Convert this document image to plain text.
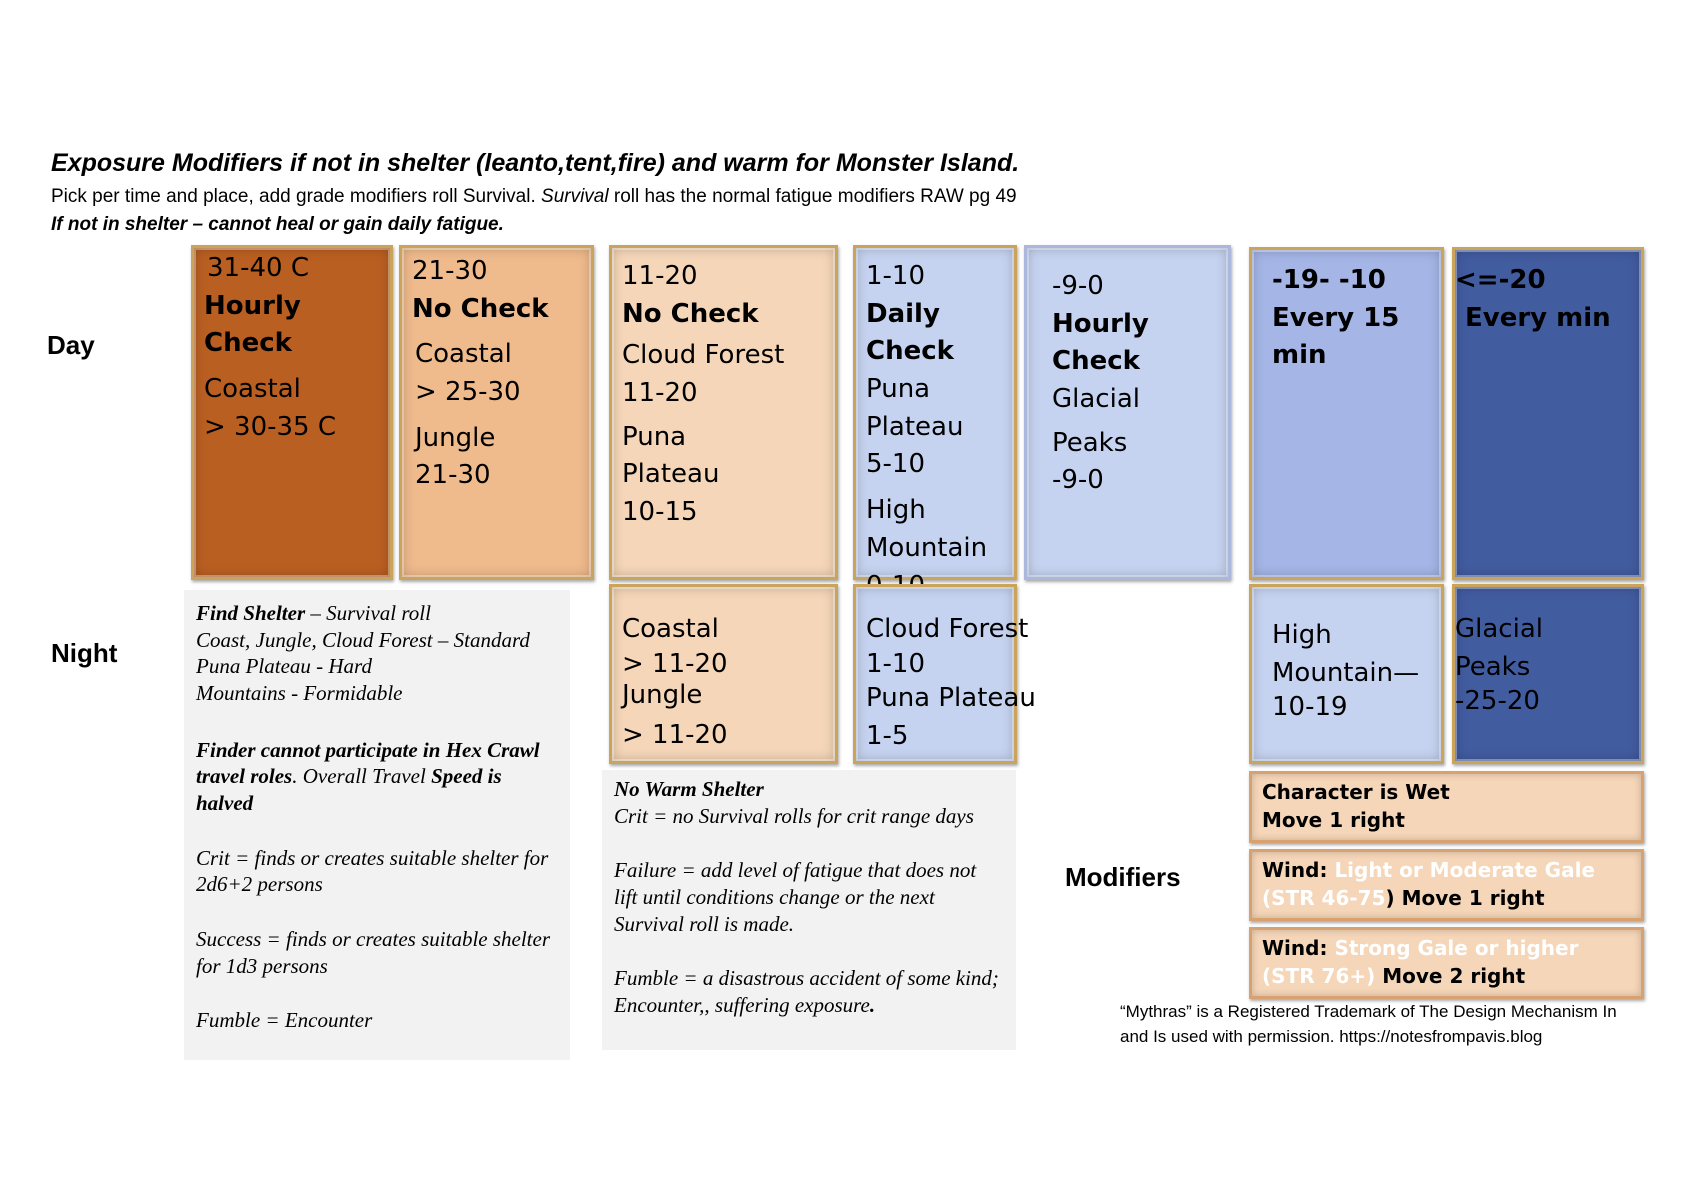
Exposure Modifiers if not in shelter (leanto,tent,fire) and warm for Monster Island.
Pick per time and place, add grade modifiers roll Survival. Survival roll has the normal fatigue modifiers RAW pg 49
If not in shelter – cannot heal or gain daily fatigue.
Day
Night
Modifiers
31-40 C
Hourly Check
Coastal
> 30-35 C
21-30
No Check
Coastal
> 25-30
Jungle
21-30
11-20
No Check
Cloud Forest
11-20
Puna
Plateau
10-15
1-10
Daily Check
Puna
Plateau
5-10
High
Mountain
-9-0
Hourly Check
Glacial
Peaks
-9-0
-19- -10
Every 15 min
<=-20
Every min
Coastal
> 11-20
Jungle
> 11-20
Cloud Forest
1-10
Puna Plateau
1-5
High
Mountain—
10-19
Glacial
Peaks
-25-20

Find Shelter – Survival roll
Coast, Jungle, Cloud Forest – Standard
Puna Plateau - Hard
Mountains - Formidable

Finder cannot participate in Hex Crawl travel roles. Overall Travel Speed is halved

Crit = finds or creates suitable shelter for 2d6+2 persons

Success = finds or creates suitable shelter for 1d3 persons

Fumble = Encounter

No Warm Shelter
Crit = no Survival rolls for crit range days

Failure = add level of fatigue that does not lift until conditions change or the next Survival roll is made.

Fumble = a disastrous accident of some kind; Encounter,, suffering exposure.

Character is Wet
Move 1 right
Wind: Light or Moderate Gale (STR 46-75) Move 1 right
Wind: Strong Gale or higher (STR 76+) Move 2 right
“Mythras” is a Registered Trademark of The Design Mechanism In
and Is used with permission. https://notesfrompavis.blog
